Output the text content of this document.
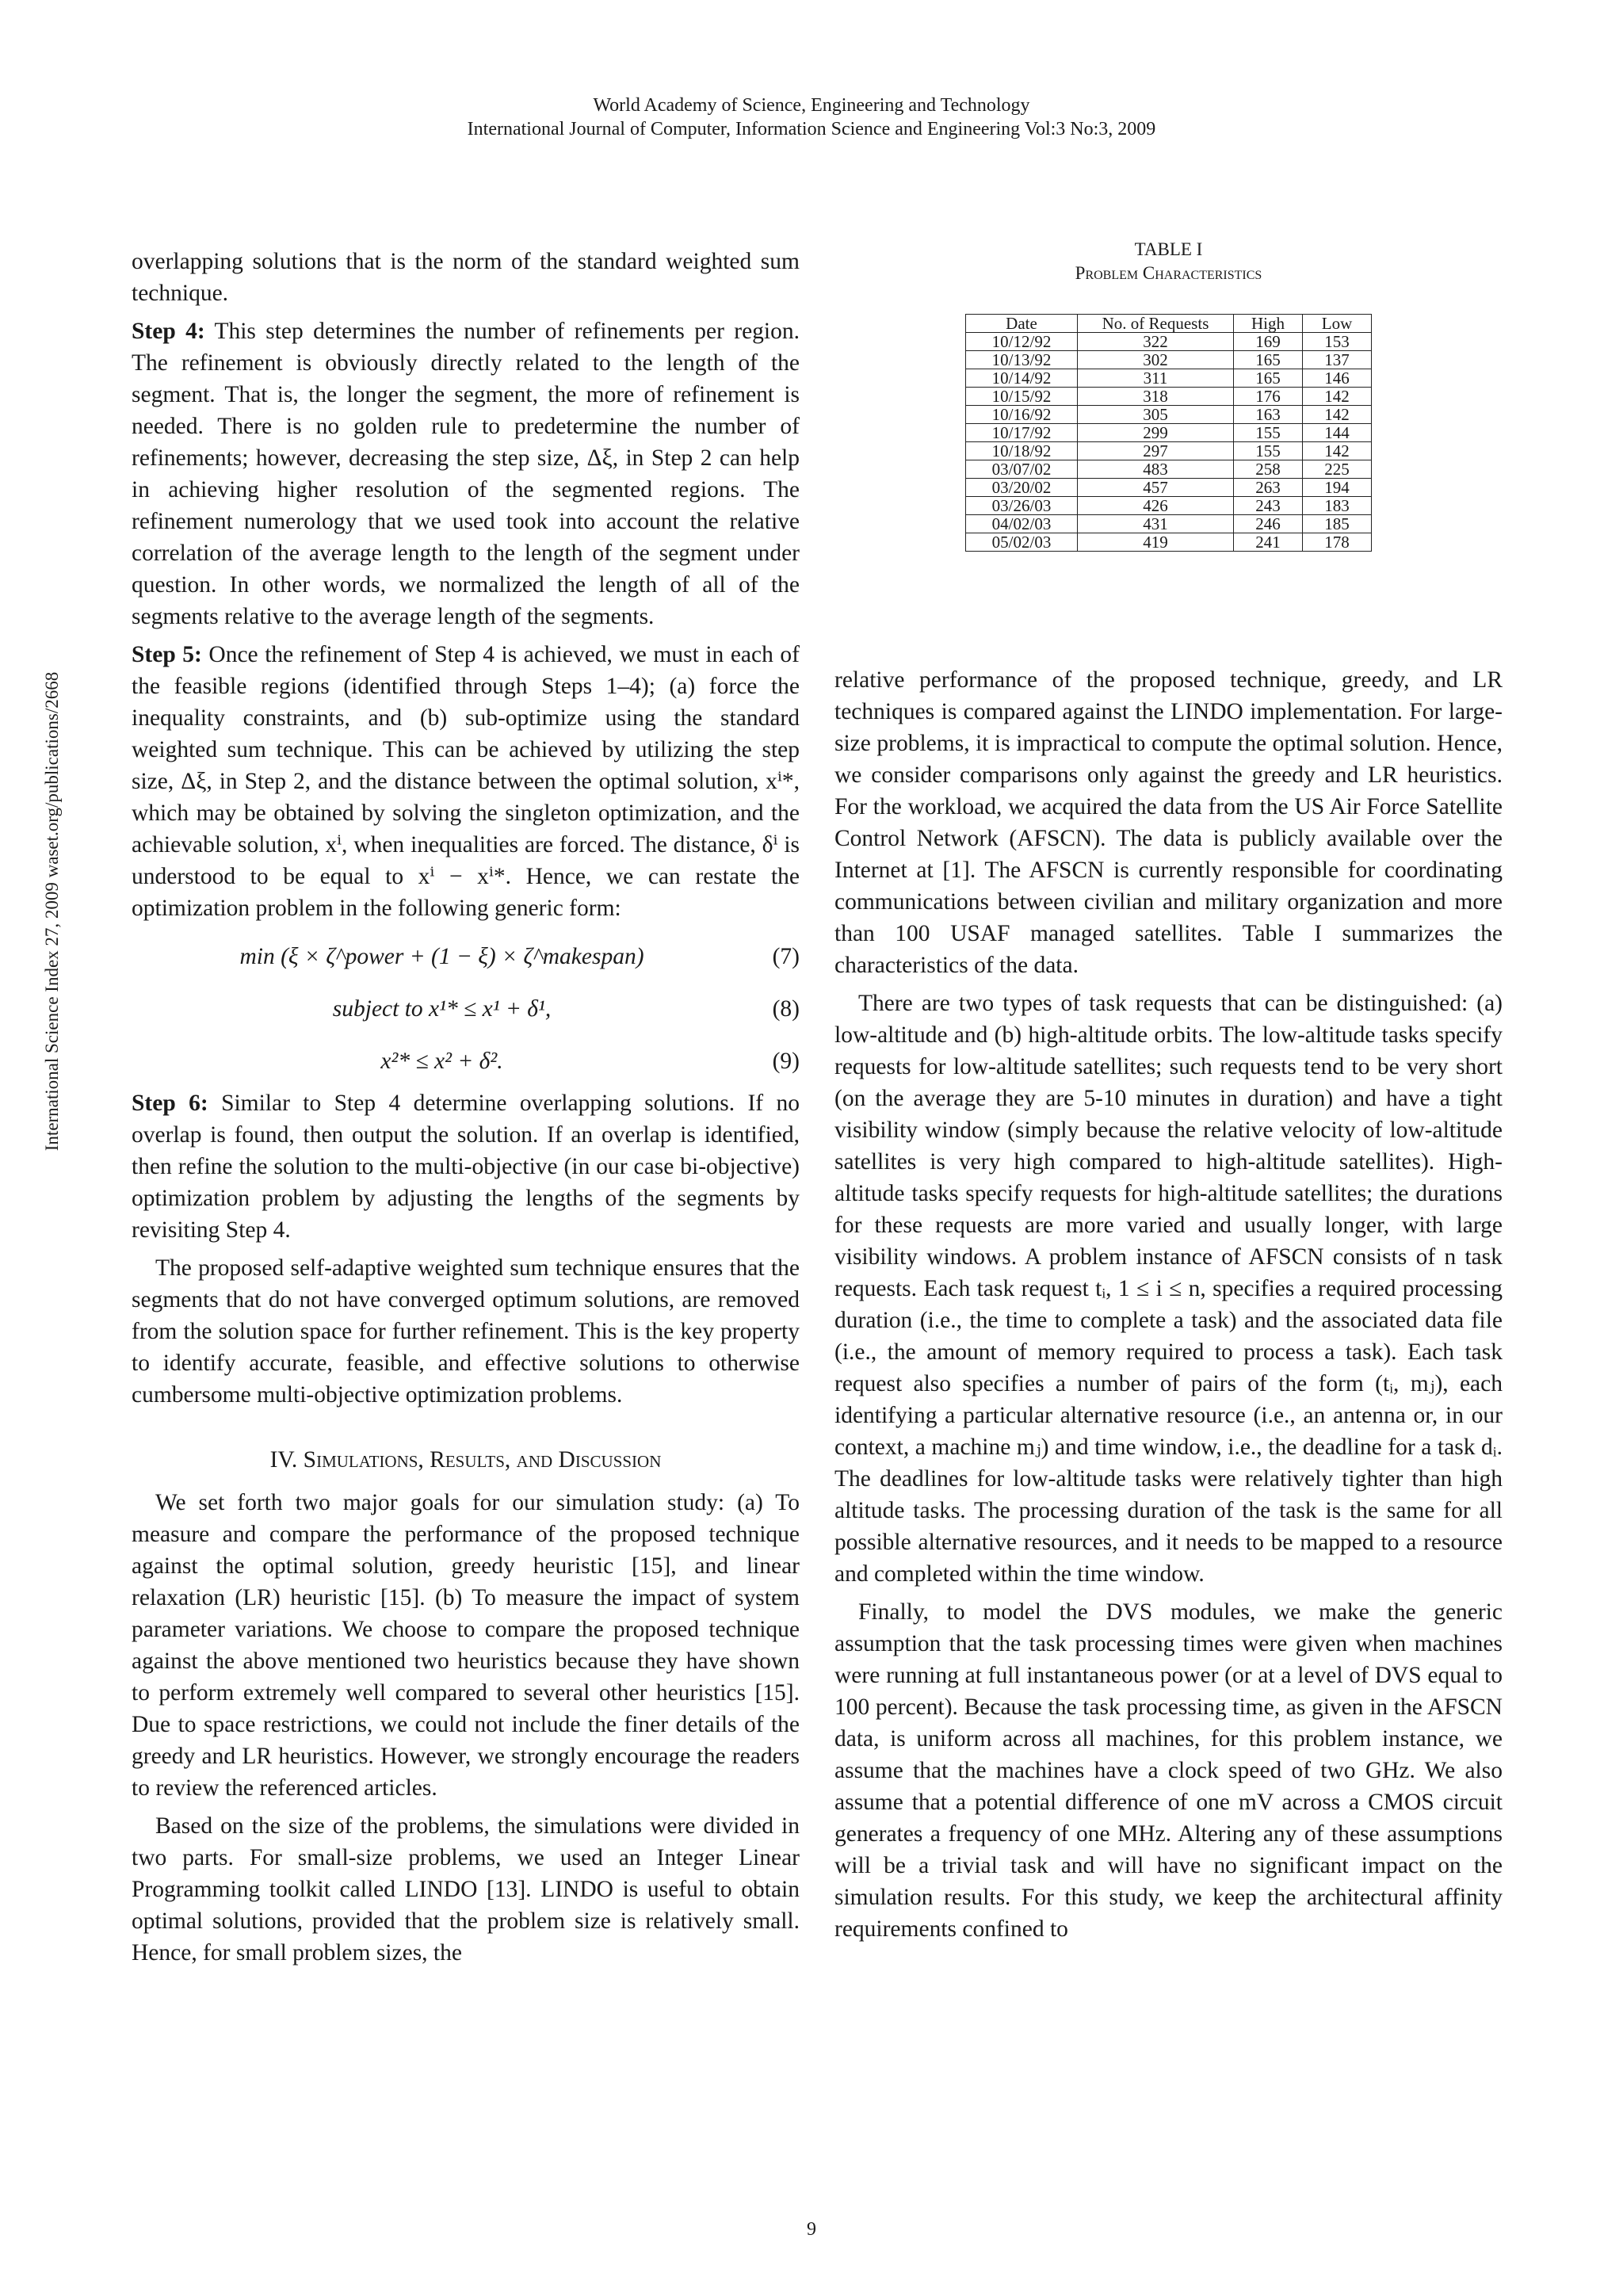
World Academy of Science, Engineering and Technology
International Journal of Computer, Information Science and Engineering Vol:3 No:3, 2009
International Science Index 27, 2009 waset.org/publications/2668

overlapping solutions that is the norm of the standard weighted sum technique.

Step 4: This step determines the number of refinements per region. The refinement is obviously directly related to the length of the segment. That is, the longer the segment, the more of refinement is needed. There is no golden rule to predetermine the number of refinements; however, decreasing the step size, Δξ, in Step 2 can help in achieving higher resolution of the segmented regions. The refinement numerology that we used took into account the relative correlation of the average length to the length of the segment under question. In other words, we normalized the length of all of the segments relative to the average length of the segments.

Step 5: Once the refinement of Step 4 is achieved, we must in each of the feasible regions (identified through Steps 1–4); (a) force the inequality constraints, and (b) sub-optimize using the standard weighted sum technique. This can be achieved by utilizing the step size, Δξ, in Step 2, and the distance between the optimal solution, xⁱ*, which may be obtained by solving the singleton optimization, and the achievable solution, xⁱ, when inequalities are forced. The distance, δⁱ is understood to be equal to xⁱ − xⁱ*. Hence, we can restate the optimization problem in the following generic form:

min (ξ × ζ^power + (1 − ξ) × ζ^makespan)	(7)
subject to x¹* ≤ x¹ + δ¹,	(8)
x²* ≤ x² + δ².	(9)

Step 6: Similar to Step 4 determine overlapping solutions. If no overlap is found, then output the solution. If an overlap is identified, then refine the solution to the multi-objective (in our case bi-objective) optimization problem by adjusting the lengths of the segments by revisiting Step 4.

The proposed self-adaptive weighted sum technique ensures that the segments that do not have converged optimum solutions, are removed from the solution space for further refinement. This is the key property to identify accurate, feasible, and effective solutions to otherwise cumbersome multi-objective optimization problems.

IV. Simulations, Results, and Discussion

We set forth two major goals for our simulation study: (a) To measure and compare the performance of the proposed technique against the optimal solution, greedy heuristic [15], and linear relaxation (LR) heuristic [15]. (b) To measure the impact of system parameter variations. We choose to compare the proposed technique against the above mentioned two heuristics because they have shown to perform extremely well compared to several other heuristics [15]. Due to space restrictions, we could not include the finer details of the greedy and LR heuristics. However, we strongly encourage the readers to review the referenced articles.

Based on the size of the problems, the simulations were divided in two parts. For small-size problems, we used an Integer Linear Programming toolkit called LINDO [13]. LINDO is useful to obtain optimal solutions, provided that the problem size is relatively small. Hence, for small problem sizes, the

TABLE I
Problem Characteristics
Date	No. of Requests	High	Low
10/12/92	322	169	153
10/13/92	302	165	137
10/14/92	311	165	146
10/15/92	318	176	142
10/16/92	305	163	142
10/17/92	299	155	144
10/18/92	297	155	142
03/07/02	483	258	225
03/20/02	457	263	194
03/26/03	426	243	183
04/02/03	431	246	185
05/02/03	419	241	178

relative performance of the proposed technique, greedy, and LR techniques is compared against the LINDO implementation. For large-size problems, it is impractical to compute the optimal solution. Hence, we consider comparisons only against the greedy and LR heuristics. For the workload, we acquired the data from the US Air Force Satellite Control Network (AFSCN). The data is publicly available over the Internet at [1]. The AFSCN is currently responsible for coordinating communications between civilian and military organization and more than 100 USAF managed satellites. Table I summarizes the characteristics of the data.

There are two types of task requests that can be distinguished: (a) low-altitude and (b) high-altitude orbits. The low-altitude tasks specify requests for low-altitude satellites; such requests tend to be very short (on the average they are 5-10 minutes in duration) and have a tight visibility window (simply because the relative velocity of low-altitude satellites is very high compared to high-altitude satellites). High-altitude tasks specify requests for high-altitude satellites; the durations for these requests are more varied and usually longer, with large visibility windows. A problem instance of AFSCN consists of n task requests. Each task request tᵢ, 1 ≤ i ≤ n, specifies a required processing duration (i.e., the time to complete a task) and the associated data file (i.e., the amount of memory required to process a task). Each task request also specifies a number of pairs of the form (tᵢ, mⱼ), each identifying a particular alternative resource (i.e., an antenna or, in our context, a machine mⱼ) and time window, i.e., the deadline for a task dᵢ. The deadlines for low-altitude tasks were relatively tighter than high altitude tasks. The processing duration of the task is the same for all possible alternative resources, and it needs to be mapped to a resource and completed within the time window.

Finally, to model the DVS modules, we make the generic assumption that the task processing times were given when machines were running at full instantaneous power (or at a level of DVS equal to 100 percent). Because the task processing time, as given in the AFSCN data, is uniform across all machines, for this problem instance, we assume that the machines have a clock speed of two GHz. We also assume that a potential difference of one mV across a CMOS circuit generates a frequency of one MHz. Altering any of these assumptions will be a trivial task and will have no significant impact on the simulation results. For this study, we keep the architectural affinity requirements confined to

9
